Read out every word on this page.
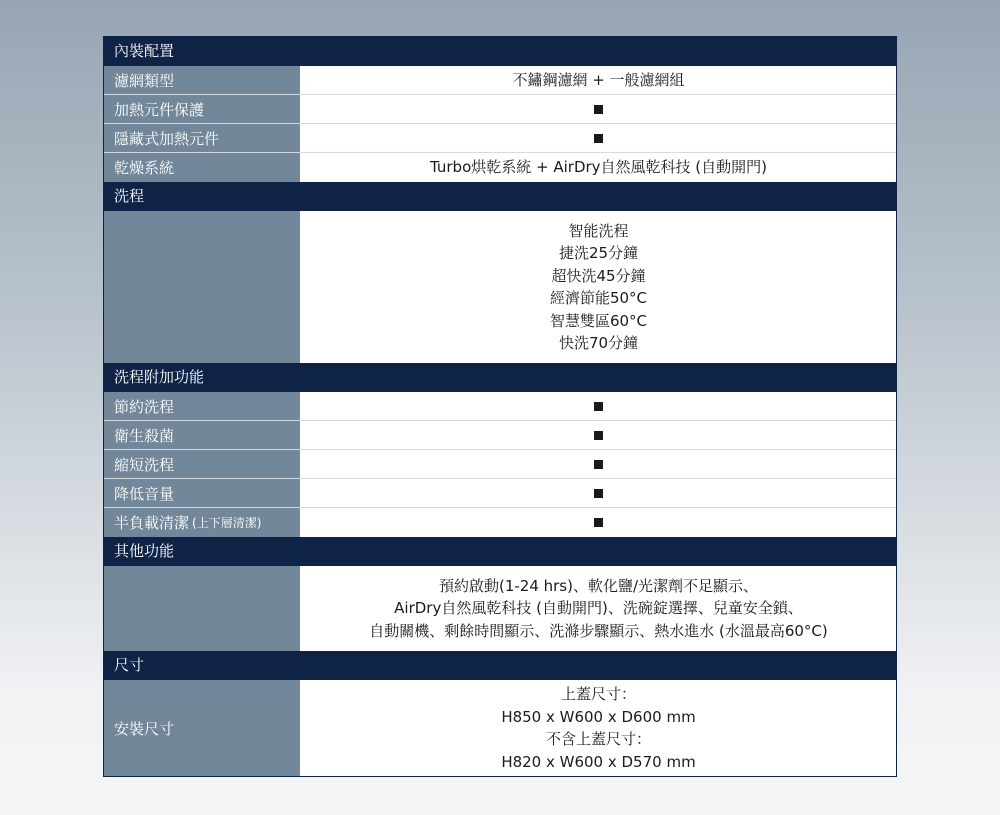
內裝配置
濾網類型	不鏽鋼濾網 + 一般濾網組
加熱元件保護
隱藏式加熱元件
乾燥系統	Turbo烘乾系統 + AirDry自然風乾科技 (自動開門)
洗程
智能洗程
捷洗25分鐘
超快洗45分鐘
經濟節能50°C
智慧雙區60°C
快洗70分鐘
洗程附加功能
節約洗程
衛生殺菌
縮短洗程
降低音量
半負載清潔 (上下層清潔)
其他功能
預約啟動(1-24 hrs)、軟化鹽/光潔劑不足顯示、
AirDry自然風乾科技 (自動開門)、洗碗錠選擇、兒童安全鎖、
自動關機、剩餘時間顯示、洗滌步驟顯示、熱水進水 (水溫最高60°C)
尺寸
安裝尺寸
上蓋尺寸：
H850 x W600 x D600 mm
不含上蓋尺寸：
H820 x W600 x D570 mm
